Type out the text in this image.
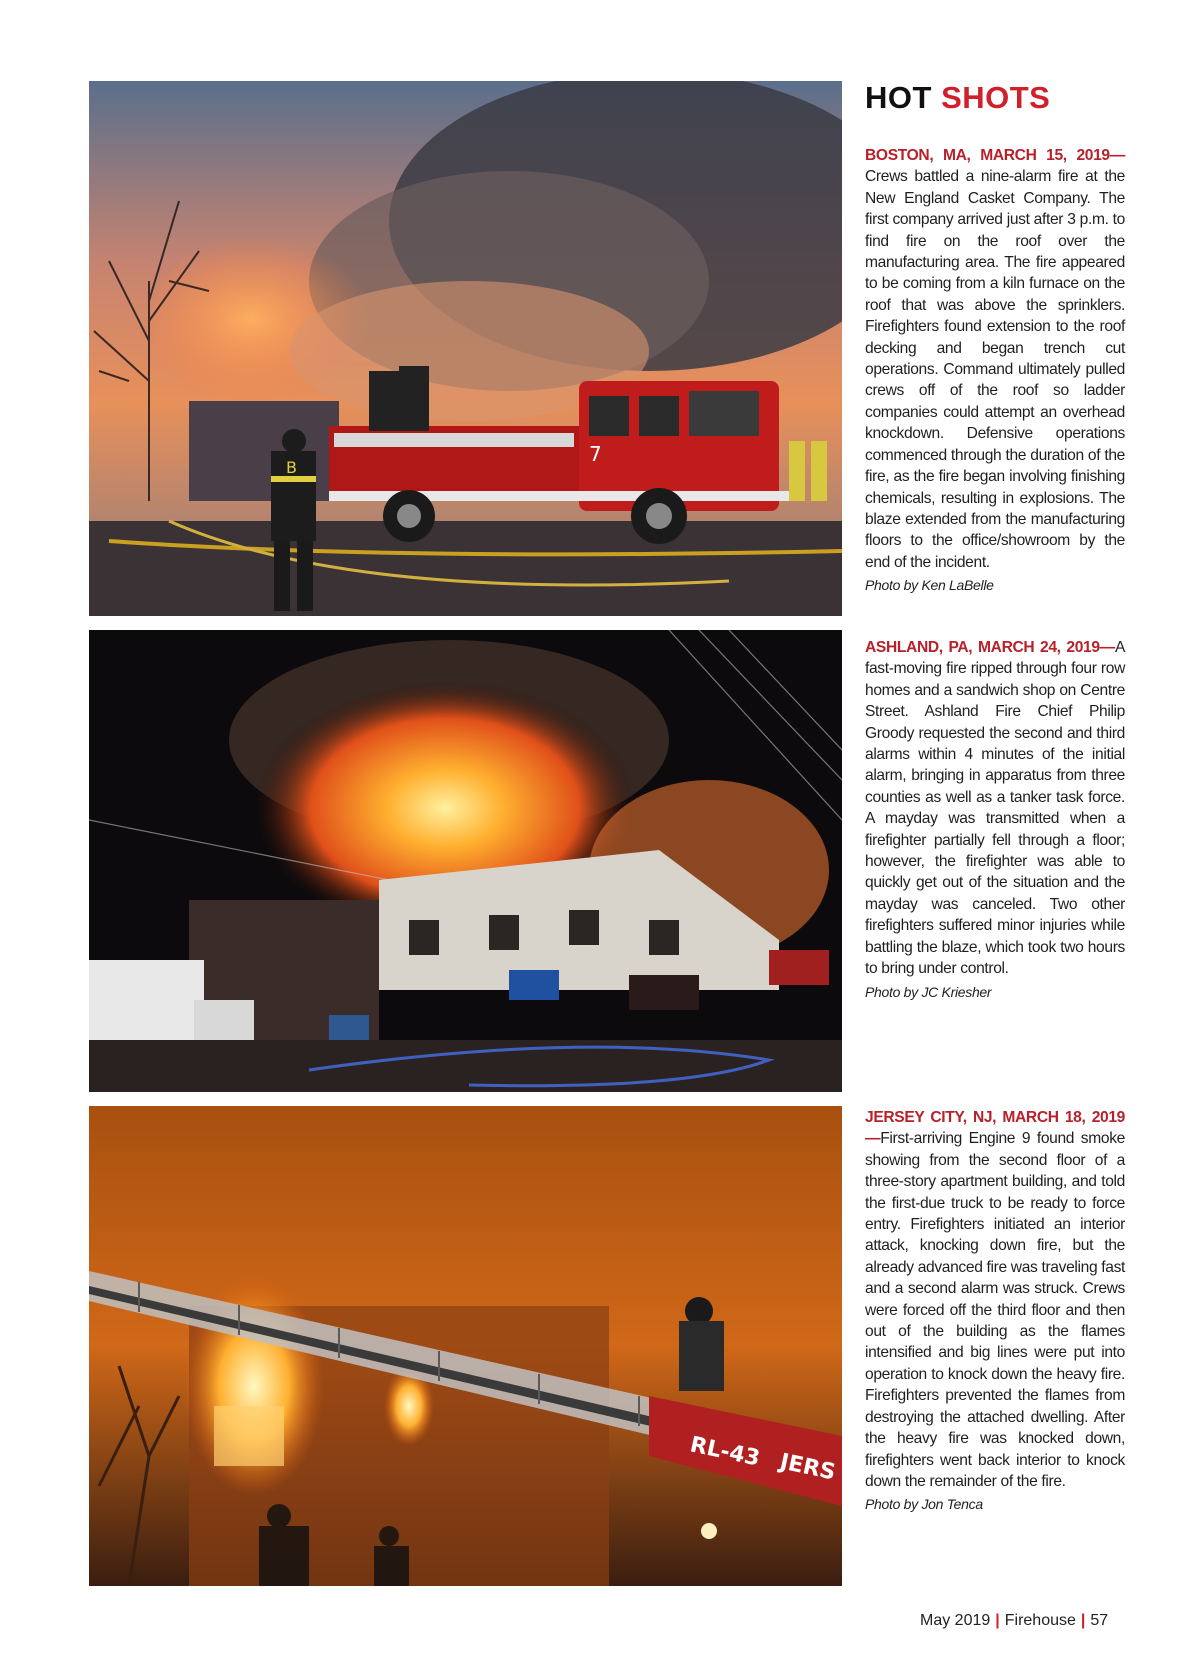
7
B
RL-43 JERS
HOT SHOTS

BOSTON, MA, MARCH 15, 2019—Crews battled a nine-alarm fire at the New England Casket Company. The first company arrived just after 3 p.m. to find fire on the roof over the manufacturing area. The fire appeared to be coming from a kiln furnace on the roof that was above the sprinklers. Firefighters found extension to the roof decking and began trench cut operations. Command ultimately pulled crews off of the roof so ladder companies could attempt an overhead knockdown. Defensive operations commenced through the duration of the fire, as the fire began involving finishing chemicals, resulting in explosions. The blaze extended from the manufacturing floors to the office/showroom by the end of the incident.
Photo by Ken LaBelle

ASHLAND, PA, MARCH 24, 2019—A fast-moving fire ripped through four row homes and a sandwich shop on Centre Street. Ashland Fire Chief Philip Groody requested the second and third alarms within 4 minutes of the initial alarm, bringing in apparatus from three counties as well as a tanker task force. A mayday was transmitted when a firefighter partially fell through a floor; however, the firefighter was able to quickly get out of the situation and the mayday was canceled. Two other firefighters suffered minor injuries while battling the blaze, which took two hours to bring under control.
Photo by JC Kriesher

JERSEY CITY, NJ, MARCH 18, 2019—First-arriving Engine 9 found smoke showing from the second floor of a three-story apartment building, and told the first-due truck to be ready to force entry. Firefighters initiated an interior attack, knocking down fire, but the already advanced fire was traveling fast and a second alarm was struck. Crews were forced off the third floor and then out of the building as the flames intensified and big lines were put into operation to knock down the heavy fire. Firefighters prevented the flames from destroying the attached dwelling. After the heavy fire was knocked down, firefighters went back interior to knock down the remainder of the fire.
Photo by Jon Tenca

May 2019 | Firehouse | 57
